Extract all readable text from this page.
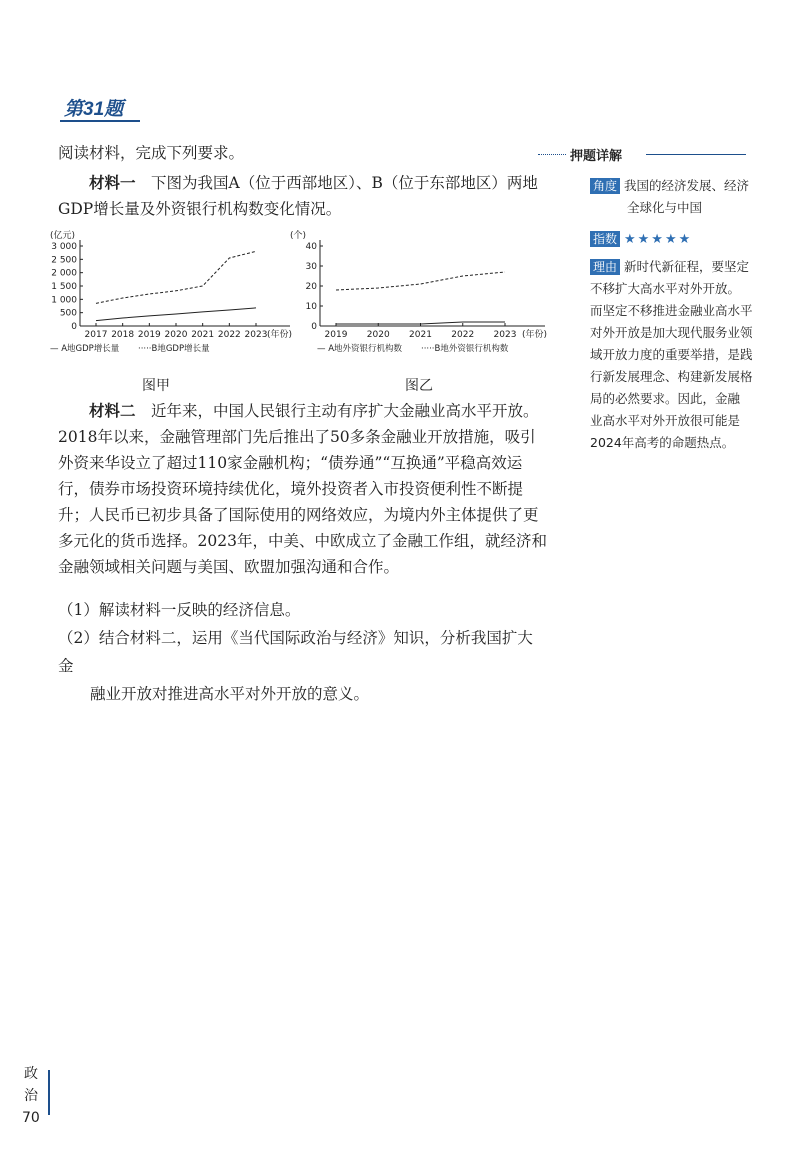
第31题

阅读材料，完成下列要求。

材料一　 下图为我国A（位于西部地区）、B（位于东部地区）两地GDP增长量及外资银行机构数变化情况。

(亿元)
0
500
1 000
1 500
2 000
2 500
3 000
2017 2018 2019 2020 2021 2022 2023 (年份)
— A地GDP增长量 ·····B地GDP增长量
图甲
(个)
0
10
20
30
40
2019 2020 2021 2022 2023 (年份)
— A地外资银行机构数 ·····B地外资银行机构数
图乙

材料二　 近年来，中国人民银行主动有序扩大金融业高水平开放。2018年以来，金融管理部门先后推出了50多条金融业开放措施，吸引外资来华设立了超过110家金融机构；“债券通”“互换通”平稳高效运行，债券市场投资环境持续优化，境外投资者入市投资便利性不断提升；人民币已初步具备了国际使用的网络效应，为境内外主体提供了更多元化的货币选择。2023年，中美、中欧成立了金融工作组，就经济和金融领域相关问题与美国、欧盟加强沟通和合作。

（1）解读材料一反映的经济信息。
（2）结合材料二，运用《当代国际政治与经济》知识，分析我国扩大金
融业开放对推进高水平对外开放的意义。
押题详解
角度 我国的经济发展、经济
全球化与中国
指数 ★★★★★
理由 新时代新征程，要坚定
不移扩大高水平对外开放。
而坚定不移推进金融业高水平
对外开放是加大现代服务业领
域开放力度的重要举措，是践
行新发展理念、构建新发展格
局的必然要求。因此，金融
业高水平对外开放很可能是
2024年高考的命题热点。
政
治
70
